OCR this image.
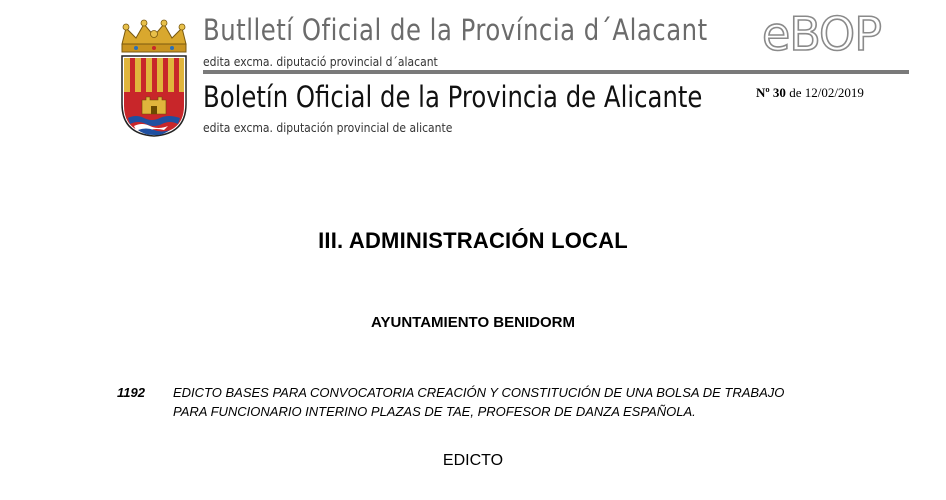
Butlletí Oficial de la Província d´Alacant
edita excma. diputació provincial d´alacant
Boletín Oficial de la Provincia de Alicante
edita excma. diputación provincial de alicante
eBOP
Nº 30 de 12/02/2019
III. ADMINISTRACIÓN LOCAL
AYUNTAMIENTO BENIDORM
1192 EDICTO BASES PARA CONVOCATORIA CREACIÓN Y CONSTITUCIÓN DE UNA BOLSA DE TRABAJO
PARA FUNCIONARIO INTERINO PLAZAS DE TAE, PROFESOR DE DANZA ESPAÑOLA.
EDICTO
